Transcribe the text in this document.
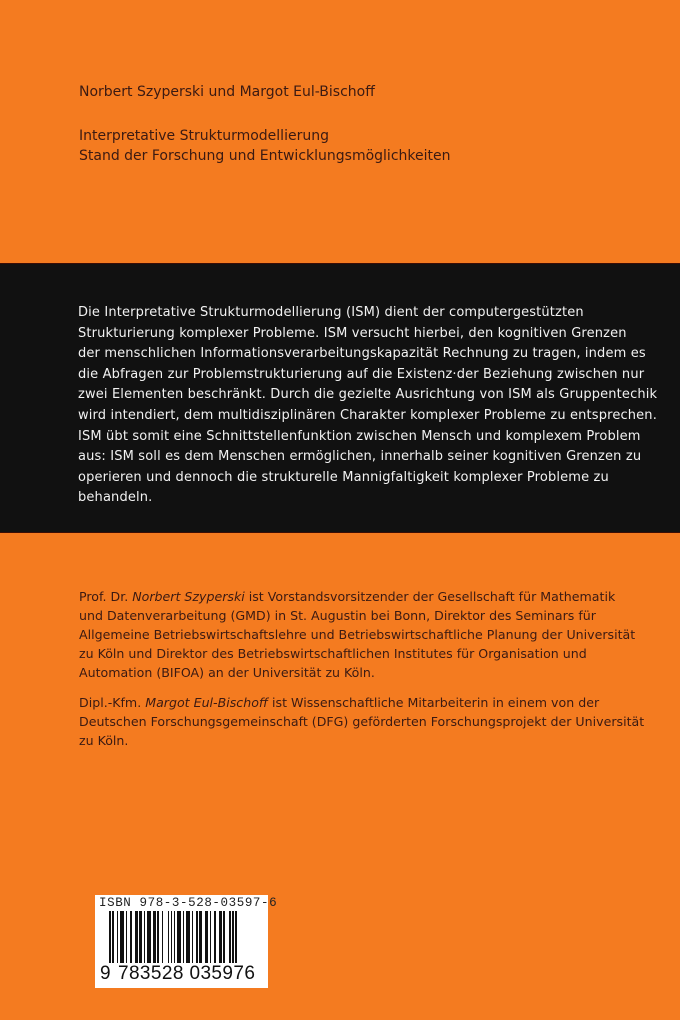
Norbert Szyperski und Margot Eul-Bischoff
Interpretative Strukturmodellierung
Stand der Forschung und Entwicklungsmöglichkeiten
Die Interpretative Strukturmodellierung (ISM) dient der computergestützten
Strukturierung komplexer Probleme. ISM versucht hierbei, den kognitiven Grenzen
der menschlichen Informationsverarbeitungskapazität Rechnung zu tragen, indem es
die Abfragen zur Problemstrukturierung auf die Existenz·der Beziehung zwischen nur
zwei Elementen beschränkt. Durch die gezielte Ausrichtung von ISM als Gruppentechik
wird intendiert, dem multidisziplinären Charakter komplexer Probleme zu entsprechen.
ISM übt somit eine Schnittstellenfunktion zwischen Mensch und komplexem Problem
aus: ISM soll es dem Menschen ermöglichen, innerhalb seiner kognitiven Grenzen zu
operieren und dennoch die strukturelle Mannigfaltigkeit komplexer Probleme zu
behandeln.
Prof. Dr. Norbert Szyperski ist Vorstandsvorsitzender der Gesellschaft für Mathematik
und Datenverarbeitung (GMD) in St. Augustin bei Bonn, Direktor des Seminars für
Allgemeine Betriebswirtschaftslehre und Betriebswirtschaftliche Planung der Universität
zu Köln und Direktor des Betriebswirtschaftlichen Institutes für Organisation und
Automation (BIFOA) an der Universität zu Köln.
Dipl.-Kfm. Margot Eul-Bischoff ist Wissenschaftliche Mitarbeiterin in einem von der
Deutschen Forschungsgemeinschaft (DFG) geförderten Forschungsprojekt der Universität
zu Köln.
ISBN 978-3-528-03597-6
9 783528 035976
